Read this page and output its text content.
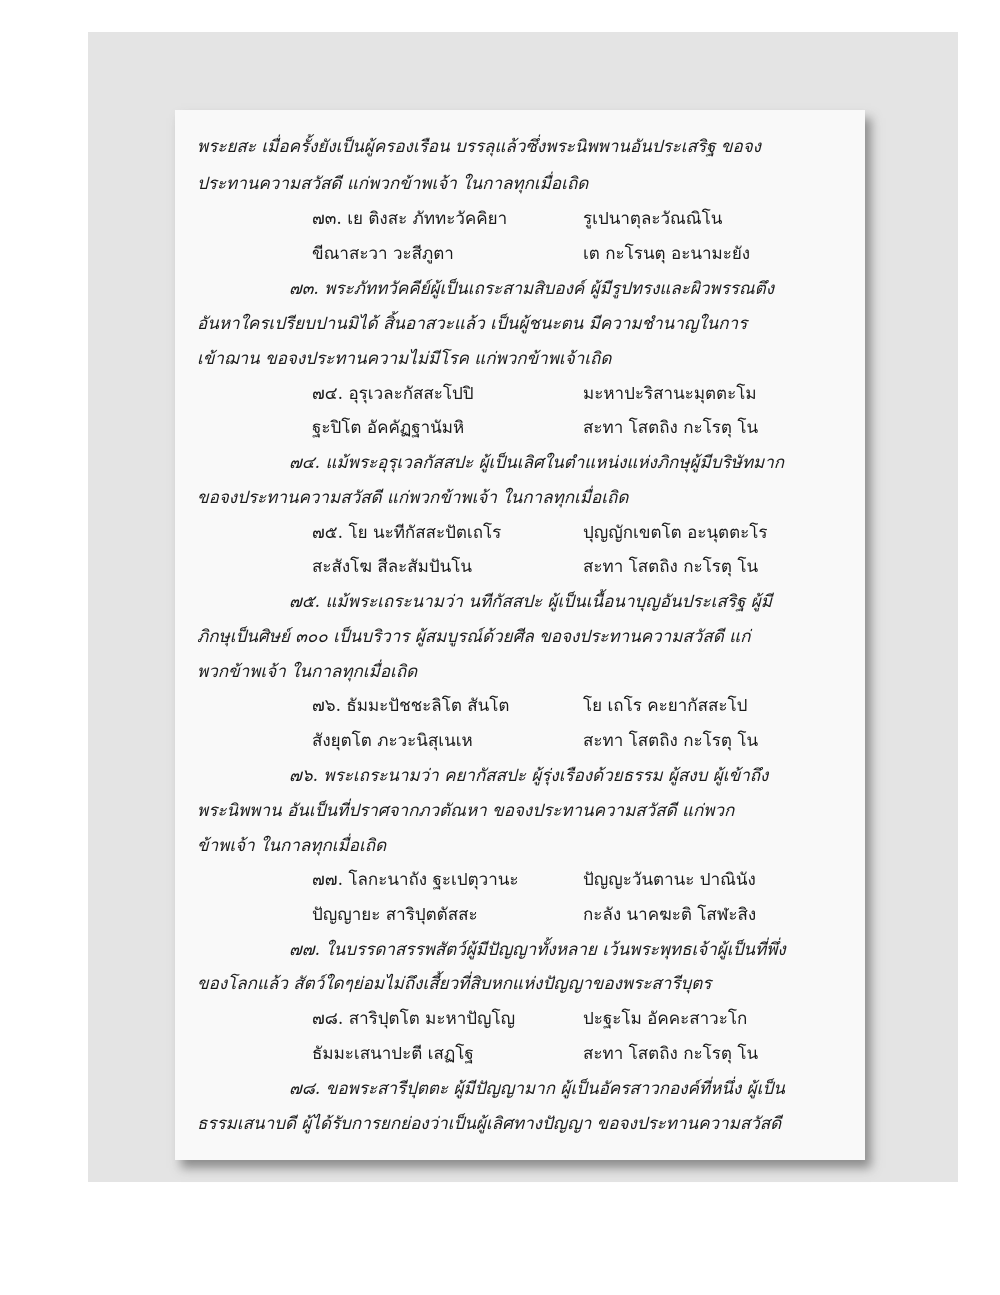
พระยสะ เมื่อครั้งยังเป็นผู้ครองเรือน บรรลุแล้วซึ่งพระนิพพานอันประเสริฐ ขอจง
ประทานความสวัสดี แก่พวกข้าพเจ้า ในกาลทุกเมื่อเถิด
๗๓. เย ติงสะ ภัททะวัคคิยา	รูเปนาตุละวัณณิโน
ขีณาสะวา วะสีภูตา	เต กะโรนตุ อะนามะยัง
๗๓. พระภัททวัคคีย์ผู้เป็นเถระสามสิบองค์ ผู้มีรูปทรงและผิวพรรณตึง
อันหาใครเปรียบปานมิได้ สิ้นอาสวะแล้ว เป็นผู้ชนะตน มีความชำนาญในการ
เข้าฌาน ขอจงประทานความไม่มีโรค แก่พวกข้าพเจ้าเถิด
๗๔. อุรุเวละกัสสะโปปิ	มะหาปะริสานะมุตตะโม
ฐะปิโต อัคคัฏฐานัมหิ	สะทา โสตถิง กะโรตุ โน
๗๔. แม้พระอุรุเวลกัสสปะ ผู้เป็นเลิศในตำแหน่งแห่งภิกษุผู้มีบริษัทมาก
ขอจงประทานความสวัสดี แก่พวกข้าพเจ้า ในกาลทุกเมื่อเถิด
๗๕. โย นะทีกัสสะปัตเถโร	ปุญญักเขตโต อะนุตตะโร
สะสังโฆ สีละสัมปันโน	สะทา โสตถิง กะโรตุ โน
๗๕. แม้พระเถระนามว่า นทีกัสสปะ ผู้เป็นเนื้อนาบุญอันประเสริฐ ผู้มี
ภิกษุเป็นศิษย์ ๓๐๐ เป็นบริวาร ผู้สมบูรณ์ด้วยศีล ขอจงประทานความสวัสดี แก่
พวกข้าพเจ้า ในกาลทุกเมื่อเถิด
๗๖. ธัมมะปัชชะลิโต สันโต	โย เถโร คะยากัสสะโป
สังยุตโต ภะวะนิสุเนเห	สะทา โสตถิง กะโรตุ โน
๗๖. พระเถระนามว่า คยากัสสปะ ผู้รุ่งเรืองด้วยธรรม ผู้สงบ ผู้เข้าถึง
พระนิพพาน อันเป็นที่ปราศจากภวตัณหา ขอจงประทานความสวัสดี แก่พวก
ข้าพเจ้า ในกาลทุกเมื่อเถิด
๗๗. โลกะนาถัง ฐะเปตุวานะ	ปัญญะวันตานะ ปาณินัง
ปัญญายะ สาริปุตตัสสะ	กะลัง นาคฆะติ โสฬะสิง
๗๗. ในบรรดาสรรพสัตว์ผู้มีปัญญาทั้งหลาย เว้นพระพุทธเจ้าผู้เป็นที่พึ่ง
ของโลกแล้ว สัตว์ใดๆย่อมไม่ถึงเสี้ยวที่สิบหกแห่งปัญญาของพระสารีบุตร
๗๘. สาริปุตโต มะหาปัญโญ	ปะฐะโม อัคคะสาวะโก
ธัมมะเสนาปะตี เสฏโฐ	สะทา โสตถิง กะโรตุ โน
๗๘. ขอพระสารีปุตตะ ผู้มีปัญญามาก ผู้เป็นอัครสาวกองค์ที่หนึ่ง ผู้เป็น
ธรรมเสนาบดี ผู้ได้รับการยกย่องว่าเป็นผู้เลิศทางปัญญา ขอจงประทานความสวัสดี
